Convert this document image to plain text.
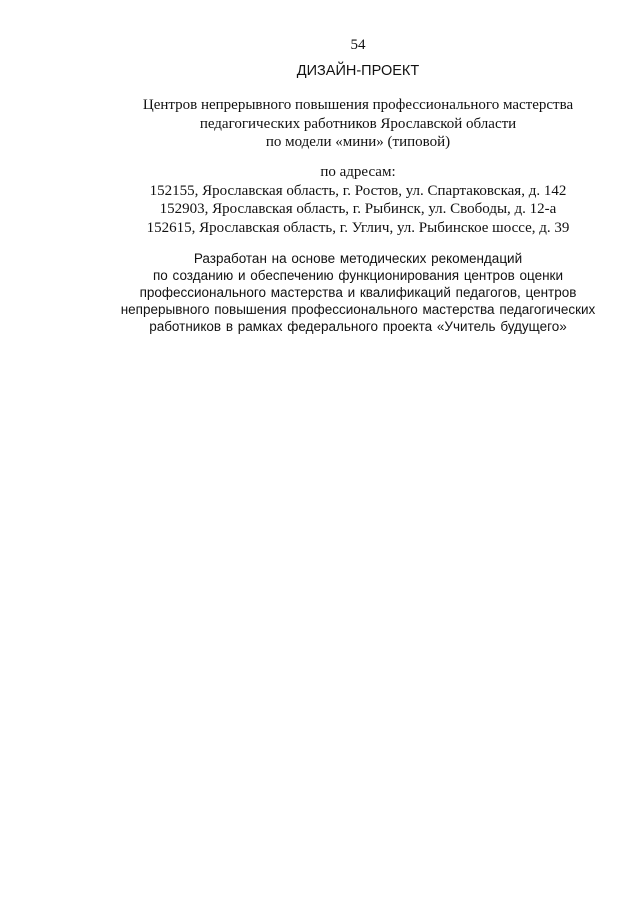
54
ДИЗАЙН-ПРОЕКТ
Центров непрерывного повышения профессионального мастерства
педагогических работников Ярославской области
по модели «мини» (типовой)
по адресам:
152155, Ярославская область, г. Ростов, ул. Спартаковская, д. 142
152903, Ярославская область, г. Рыбинск, ул. Свободы, д. 12-а
152615, Ярославская область, г. Углич, ул. Рыбинское шоссе, д. 39
Разработан на основе методических рекомендаций
по созданию и обеспечению функционирования центров оценки
профессионального мастерства и квалификаций педагогов, центров
непрерывного повышения профессионального мастерства педагогических
работников в рамках федерального проекта «Учитель будущего»
